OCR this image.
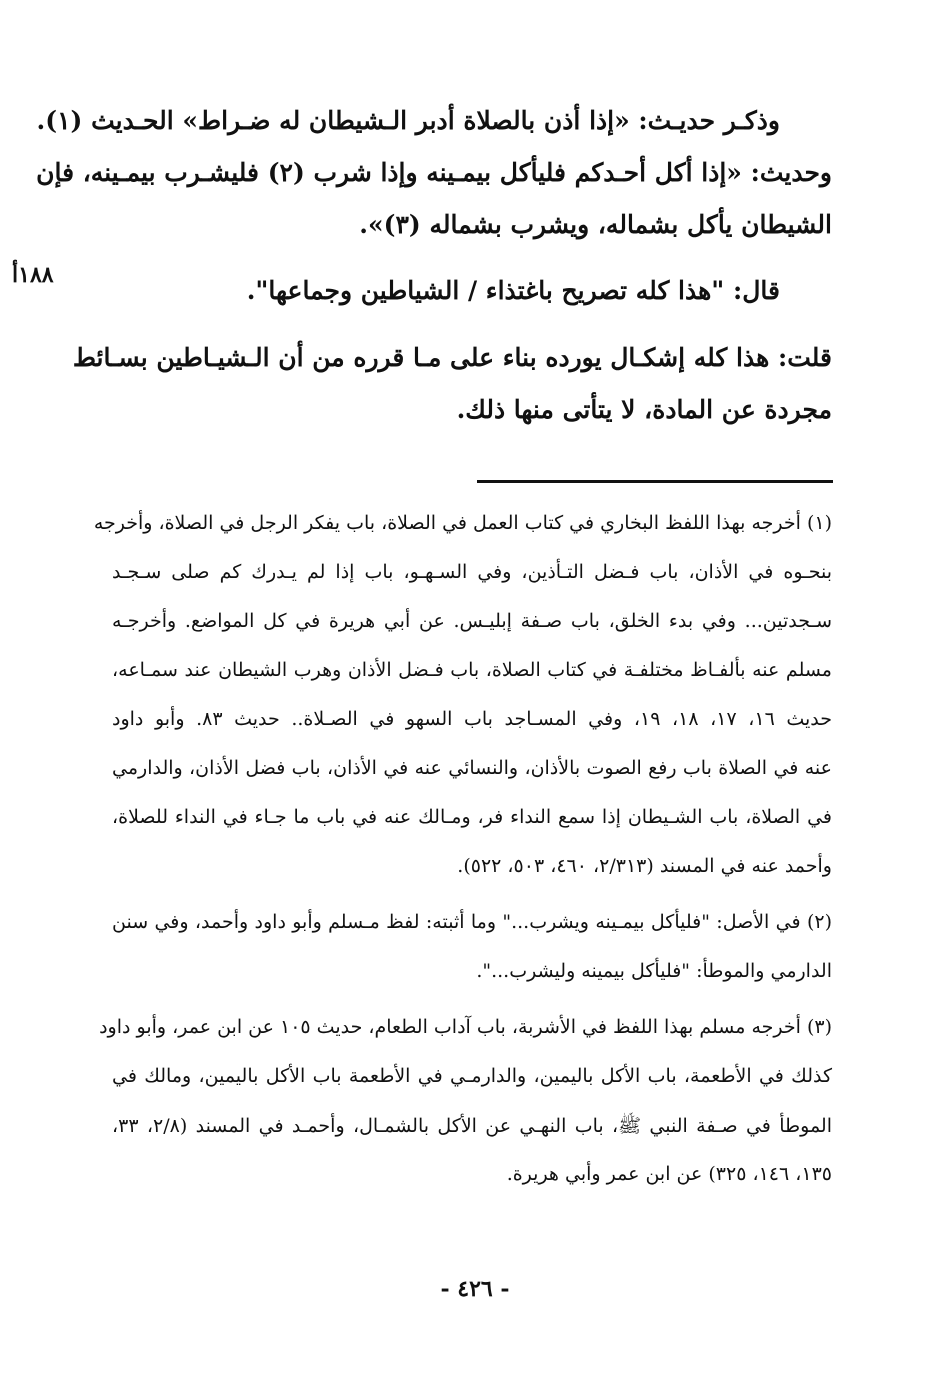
١٨٨أ
وذكـر حديـث: «إذا أذن بالصلاة أدبر الـشيطان له ضـراط» الحـديث (١).
وحديث: «إذا أكل أحـدكم فليأكل بيمـينه وإذا شرب (٢) فليشـرب بيمـينه، فإن
الشيطان يأكل بشماله، ويشرب بشماله (٣)».
قال: "هذا كله تصريح باغتذاء / الشياطين وجماعها".
قلت: هذا كله إشكـال يورده بناء على مـا قرره من أن الـشيـاطين بسـائط
مجردة عن المادة، لا يتأتى منها ذلك.
(١) أخرجه بهذا اللفظ البخاري في كتاب العمل في الصلاة، باب يفكر الرجل في الصلاة، وأخرجه
بنحـوه في الأذان، باب فـضل التـأذين، وفي السـهـو، باب إذا لم يـدرك كم صلى سـجـد
سـجدتين... وفي بدء الخلق، باب صـفة إبليـس. عن أبي هريرة في كل المواضع. وأخرجـه
مسلم عنه بألفـاظ مختلفـة في كتاب الصلاة، باب فـضل الأذان وهرب الشيطان عند سمـاعه،
حديث ١٦، ١٧، ١٨، ١٩، وفي المسـاجد باب السهو في الصـلاة.. حديث ٨٣. وأبو داود
عنه في الصلاة باب رفع الصوت بالأذان، والنسائي عنه في الأذان، باب فضل الأذان، والدارمي
في الصلاة، باب الشـيطان إذا سمع النداء فر، ومـالك عنه في باب ما جـاء في النداء للصلاة،
وأحمد عنه في المسند (٢/٣١٣، ٤٦٠، ٥٠٣، ٥٢٢).
(٢) في الأصل: "فليأكل بيمـينه ويشرب..." وما أثبته: لفظ مـسلم وأبو داود وأحمد، وفي سنن
الدارمي والموطأ: "فليأكل بيمينه وليشرب...".
(٣) أخرجه مسلم بهذا اللفظ في الأشربة، باب آداب الطعام، حديث ١٠٥ عن ابن عمر، وأبو داود
كذلك في الأطعمة، باب الأكل باليمين، والدارمـي في الأطعمة باب الأكل باليمين، ومالك في
الموطأ في صـفة النبي ﷺ، باب النهـي عن الأكل بالشمـال، وأحمـد في المسند (٢/٨، ٣٣،
١٣٥، ١٤٦، ٣٢٥) عن ابن عمر وأبي هريرة.
- ٤٢٦ -
